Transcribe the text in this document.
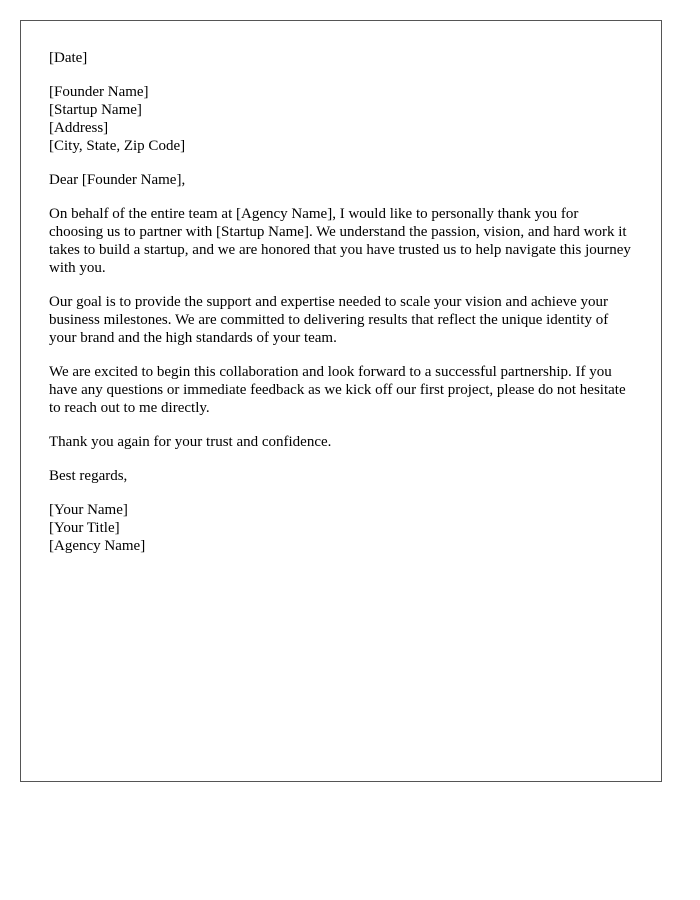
[Date]
[Founder Name]
[Startup Name]
[Address]
[City, State, Zip Code]
Dear [Founder Name],

On behalf of the entire team at [Agency Name], I would like to personally thank you for choosing us to partner with [Startup Name]. We understand the passion, vision, and hard work it takes to build a startup, and we are honored that you have trusted us to help navigate this journey with you.

Our goal is to provide the support and expertise needed to scale your vision and achieve your business milestones. We are committed to delivering results that reflect the unique identity of your brand and the high standards of your team.

We are excited to begin this collaboration and look forward to a successful partnership. If you have any questions or immediate feedback as we kick off our first project, please do not hesitate to reach out to me directly.

Thank you again for your trust and confidence.

Best regards,
[Your Name]
[Your Title]
[Agency Name]
